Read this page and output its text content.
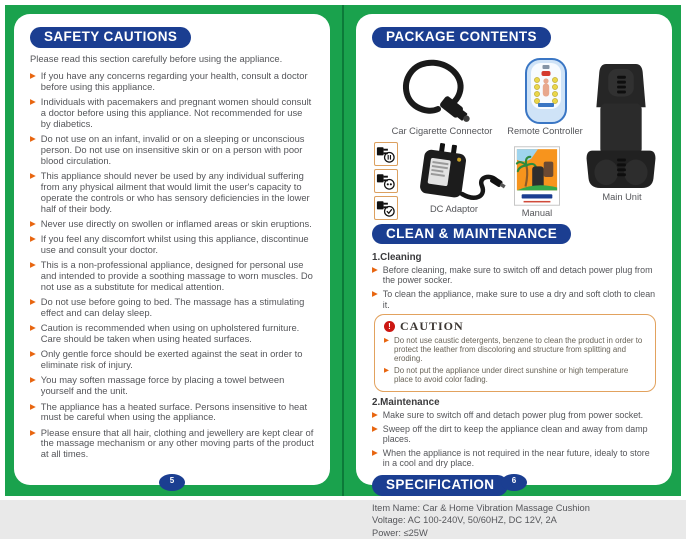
SAFETY CAUTIONS

Please read this section carefully before using the appliance.

▶ If you have any concerns regarding your health, consult a doctor before using this appliance.
▶ Individuals with pacemakers and pregnant women should consult a doctor before using this appliance. Not recommended for use by diabetics.
▶ Do not use on an infant, invalid or on a sleeping or unconscious person. Do not use on insensitive skin or on a person with poor blood circulation.
▶ This appliance should never be used by any individual suffering from any physical ailment that would limit the user's capacity to operate the controls or who has sensory deficiencies in the lower half of their body.
▶ Never use directly on swollen or inflamed areas or skin eruptions.
▶ If you feel any discomfort whilst using this appliance, discontinue use and consult your doctor.
▶ This is a non-professional appliance, designed for personal use and intended to provide a soothing massage to worn muscles. Do not use as a substitute for medical attention.
▶ Do not use before going to bed. The massage has a stimulating effect and can delay sleep.
▶ Caution is recommended when using on upholstered furniture. Care should be taken when using heated surfaces.
▶ Only gentle force should be exerted against the seat in order to eliminate risk of injury.
▶ You may soften massage force by placing a towel between yourself and the unit.
▶ The appliance has a heated surface. Persons insensitive to heat must be careful when using the appliance.
▶ Please ensure that all hair, clothing and jewellery are kept clear of the massage mechanism or any other moving parts of the product at all times.
5
PACKAGE CONTENTS
Car Cigarette Connector	Remote Controller
Main Unit
DC Adaptor	Manual
CLEAN & MAINTENANCE
1.Cleaning
▶ Before cleaning, make sure to switch off and detach power plug from the power socker.
▶ To clean the appliance, make sure to use a dry and soft cloth to clean it.
! CAUTION
▶ Do not use caustic detergents, benzene to clean the product in order to protect the leather from discoloring and structure from splitting and eroding.
▶ Do not put the appliance under direct sunshine or high temperature place to avoid color fading.
2.Maintenance
▶ Make sure to switch off and detach power plug from power socket.
▶ Sweep off the dirt to keep the appliance clean and away from damp places.
▶ When the appliance is not required in the near future, idealy to store in a cool and dry place.
SPECIFICATION
Item Name: Car & Home Vibration Massage Cushion
Voltage: AC 100-240V, 50/60HZ, DC 12V, 2A
Power: ≤25W
6
